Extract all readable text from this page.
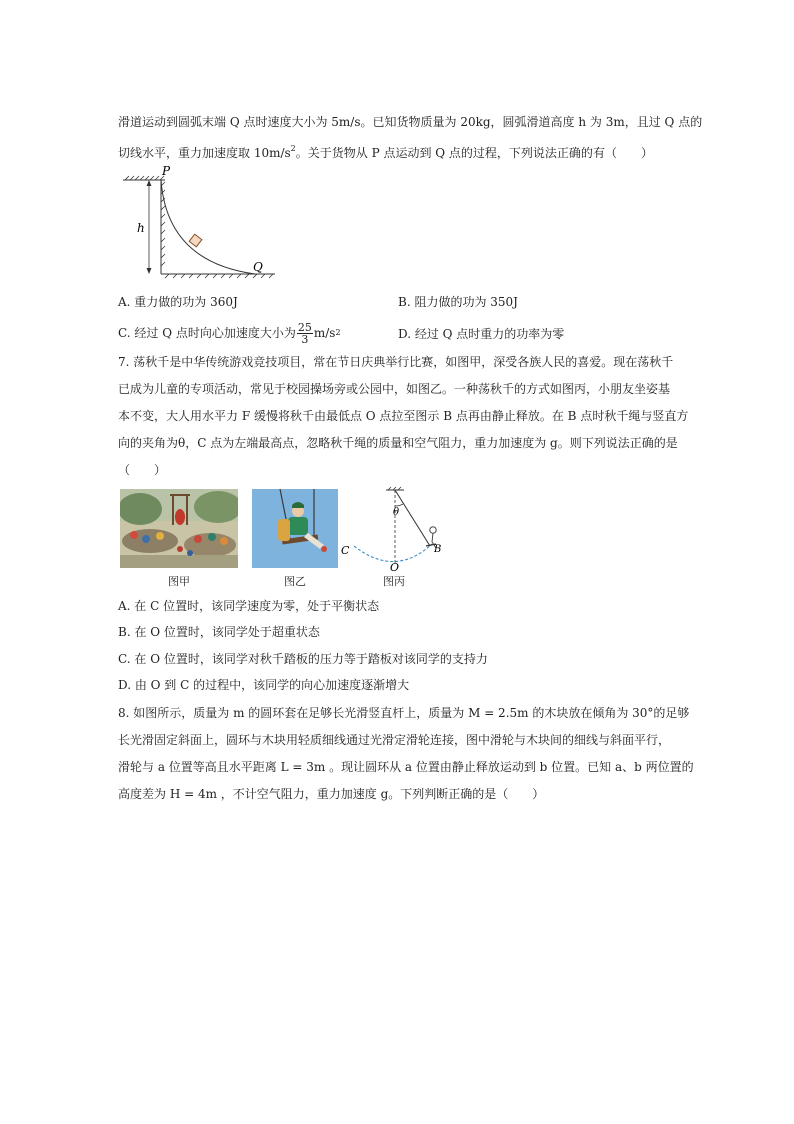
滑道运动到圆弧末端 Q 点时速度大小为 5m/s。已知货物质量为 20kg，圆弧滑道高度 h 为 3m，且过 Q 点的
切线水平，重力加速度取 $10m/s^2$。关于货物从 P 点运动到 Q 点的过程，下列说法正确的有（　　）
P
h
Q
A. 重力做的功为 360J	B. 阻力做的功为 350J
C. 经过 Q 点时向心加速度大小为 $\frac{25}{3} m/s$ 2	D. 经过 Q 点时重力的功率为零
7. 荡秋千是中华传统游戏竞技项目，常在节日庆典举行比赛，如图甲，深受各族人民的喜爱。现在荡秋千
已成为儿童的专项活动，常见于校园操场旁或公园中，如图乙。一种荡秋千的方式如图丙，小朋友坐姿基
本不变，大人用水平力 F 缓慢将秋千由最低点 O 点拉至图示 B 点再由静止释放。在 B 点时秋千绳与竖直方
向的夹角为θ，C 点为左端最高点，忽略秋千绳的质量和空气阻力，重力加速度为 g。则下列说法正确的是
（　　）
θ
C
O
B
图甲	图乙	图丙
A. 在 C 位置时，该同学速度为零，处于平衡状态
B. 在 O 位置时，该同学处于超重状态
C. 在 O 位置时，该同学对秋千踏板的压力等于踏板对该同学的支持力
D. 由 O 到 C 的过程中，该同学的向心加速度逐渐增大
8. 如图所示，质量为 m 的圆环套在足够长光滑竖直杆上，质量为 M = 2.5m 的木块放在倾角为 30°的足够
长光滑固定斜面上，圆环与木块用轻质细线通过光滑定滑轮连接，图中滑轮与木块间的细线与斜面平行，
滑轮与 a 位置等高且水平距离 L = 3m 。现让圆环从 a 位置由静止释放运动到 b 位置。已知 a、b 两位置的
高度差为 H = 4m ，不计空气阻力，重力加速度 g。下列判断正确的是（　　）
